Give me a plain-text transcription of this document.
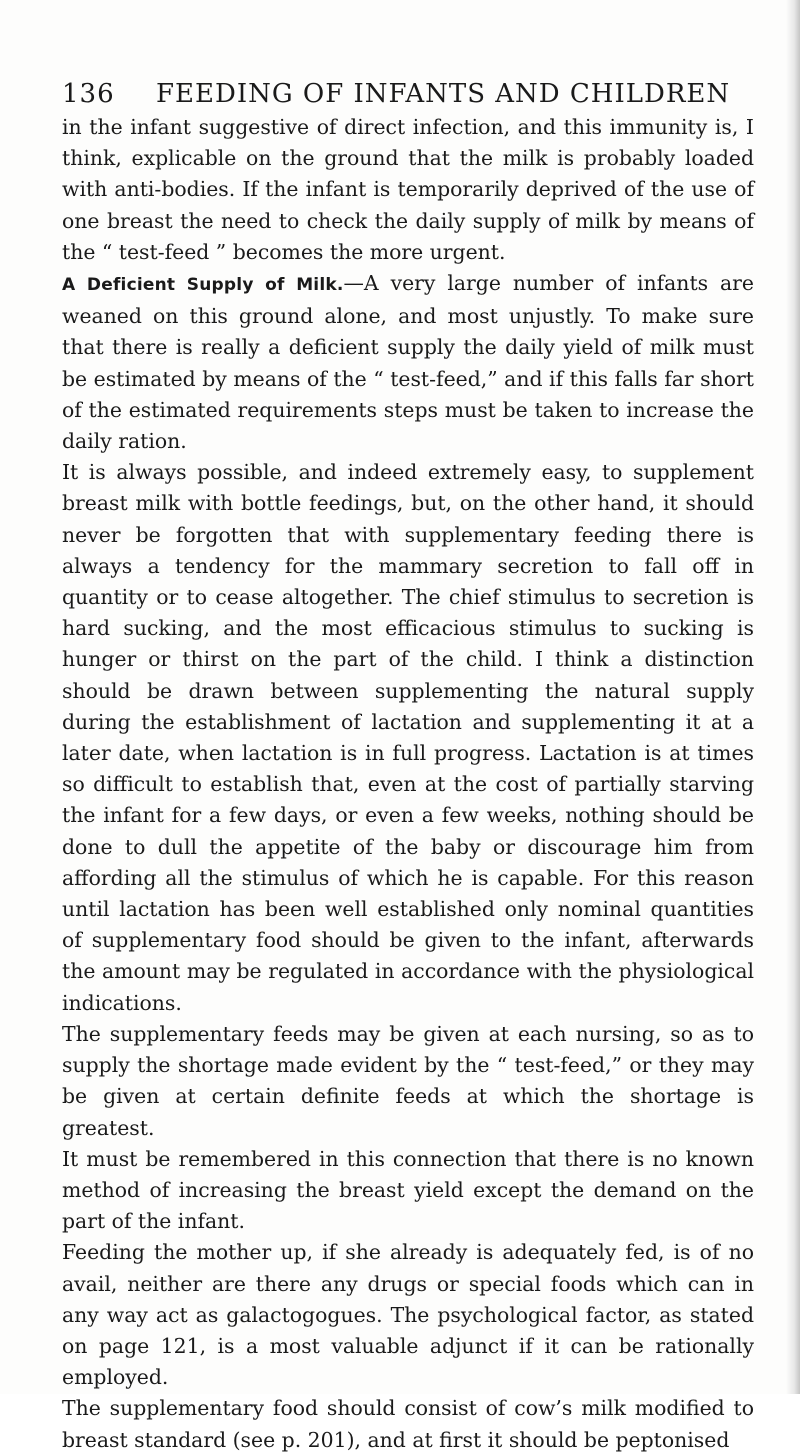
136 FEEDING OF INFANTS AND CHILDREN

in the infant suggestive of direct infection, and this immunity is, I think, explicable on the ground that the milk is probably loaded with anti-bodies. If the infant is temporarily deprived of the use of one breast the need to check the daily supply of milk by means of the “ test-feed ” becomes the more urgent.

A Deficient Supply of Milk.—A very large number of infants are weaned on this ground alone, and most unjustly. To make sure that there is really a deficient supply the daily yield of milk must be estimated by means of the “ test-feed,” and if this falls far short of the estimated requirements steps must be taken to increase the daily ration.

It is always possible, and indeed extremely easy, to supplement breast milk with bottle feedings, but, on the other hand, it should never be forgotten that with supplementary feeding there is always a tendency for the mammary secretion to fall off in quantity or to cease altogether. The chief stimulus to secretion is hard sucking, and the most efficacious stimulus to sucking is hunger or thirst on the part of the child. I think a distinction should be drawn between supplementing the natural supply during the establishment of lactation and supplementing it at a later date, when lactation is in full progress. Lactation is at times so difficult to establish that, even at the cost of partially starving the infant for a few days, or even a few weeks, nothing should be done to dull the appetite of the baby or discourage him from affording all the stimulus of which he is capable. For this reason until lactation has been well established only nominal quantities of supplementary food should be given to the infant, afterwards the amount may be regulated in accordance with the physiological indications.

The supplementary feeds may be given at each nursing, so as to supply the shortage made evident by the “ test-feed,” or they may be given at certain definite feeds at which the shortage is greatest.

It must be remembered in this connection that there is no known method of increasing the breast yield except the demand on the part of the infant.

Feeding the mother up, if she already is adequately fed, is of no avail, neither are there any drugs or special foods which can in any way act as galactogogues. The psychological factor, as stated on page 121, is a most valuable adjunct if it can be rationally employed.

The supplementary food should consist of cow’s milk modified to breast standard (see p. 201), and at first it should be peptonised
